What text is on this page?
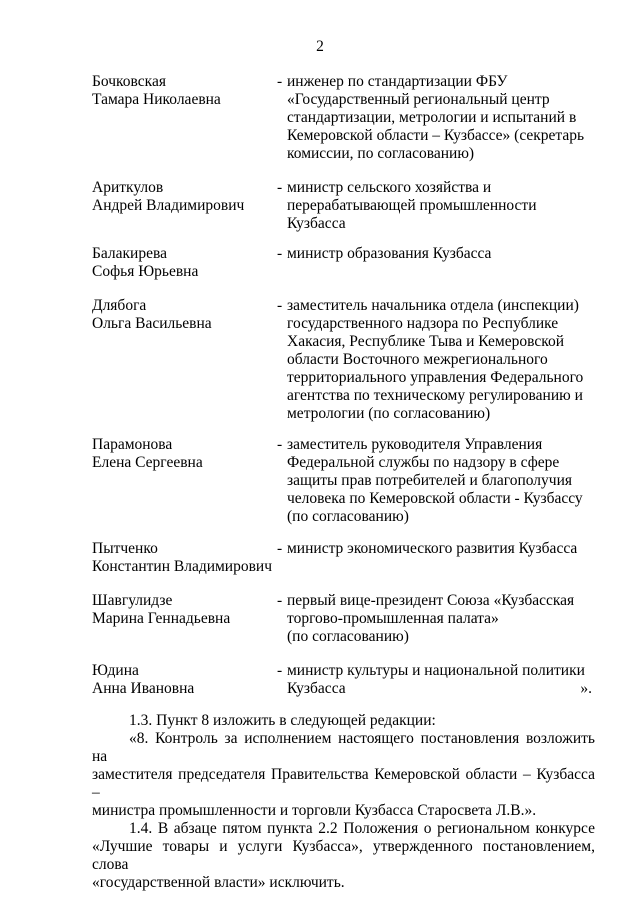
2
Бочковская
Тамара Николаевна
- инженер по стандартизации ФБУ
«Государственный региональный центр
стандартизации, метрологии и испытаний в
Кемеровской области – Кузбассе» (секретарь
комиссии, по согласованию)
Ариткулов
Андрей Владимирович
- министр сельского хозяйства и
перерабатывающей промышленности
Кузбасса
Балакирева
Софья Юрьевна
- министр образования Кузбасса
Длябога
Ольга Васильевна
- заместитель начальника отдела (инспекции)
государственного надзора по Республике
Хакасия, Республике Тыва и Кемеровской
области Восточного межрегионального
территориального управления Федерального
агентства по техническому регулированию и
метрологии (по согласованию)
Парамонова
Елена Сергеевна
- заместитель руководителя Управления
Федеральной службы по надзору в сфере
защиты прав потребителей и благополучия
человека по Кемеровской области - Кузбассу
(по согласованию)
Пытченко
Константин Владимирович
- министр экономического развития Кузбасса
Шавгулидзе
Марина Геннадьевна
- первый вице-президент Союза «Кузбасская
торгово-промышленная палата»
(по согласованию)
Юдина
Анна Ивановна
- министр культуры и национальной политики
Кузбасса	».

1.3. Пункт 8 изложить в следующей редакции:

«8. Контроль за исполнением настоящего постановления возложить на
заместителя председателя Правительства Кемеровской области – Кузбасса –
министра промышленности и торговли Кузбасса Старосвета Л.В.».

1.4. В абзаце пятом пункта 2.2 Положения о региональном конкурсе
«Лучшие товары и услуги Кузбасса», утвержденного постановлением, слова
«государственной власти» исключить.
